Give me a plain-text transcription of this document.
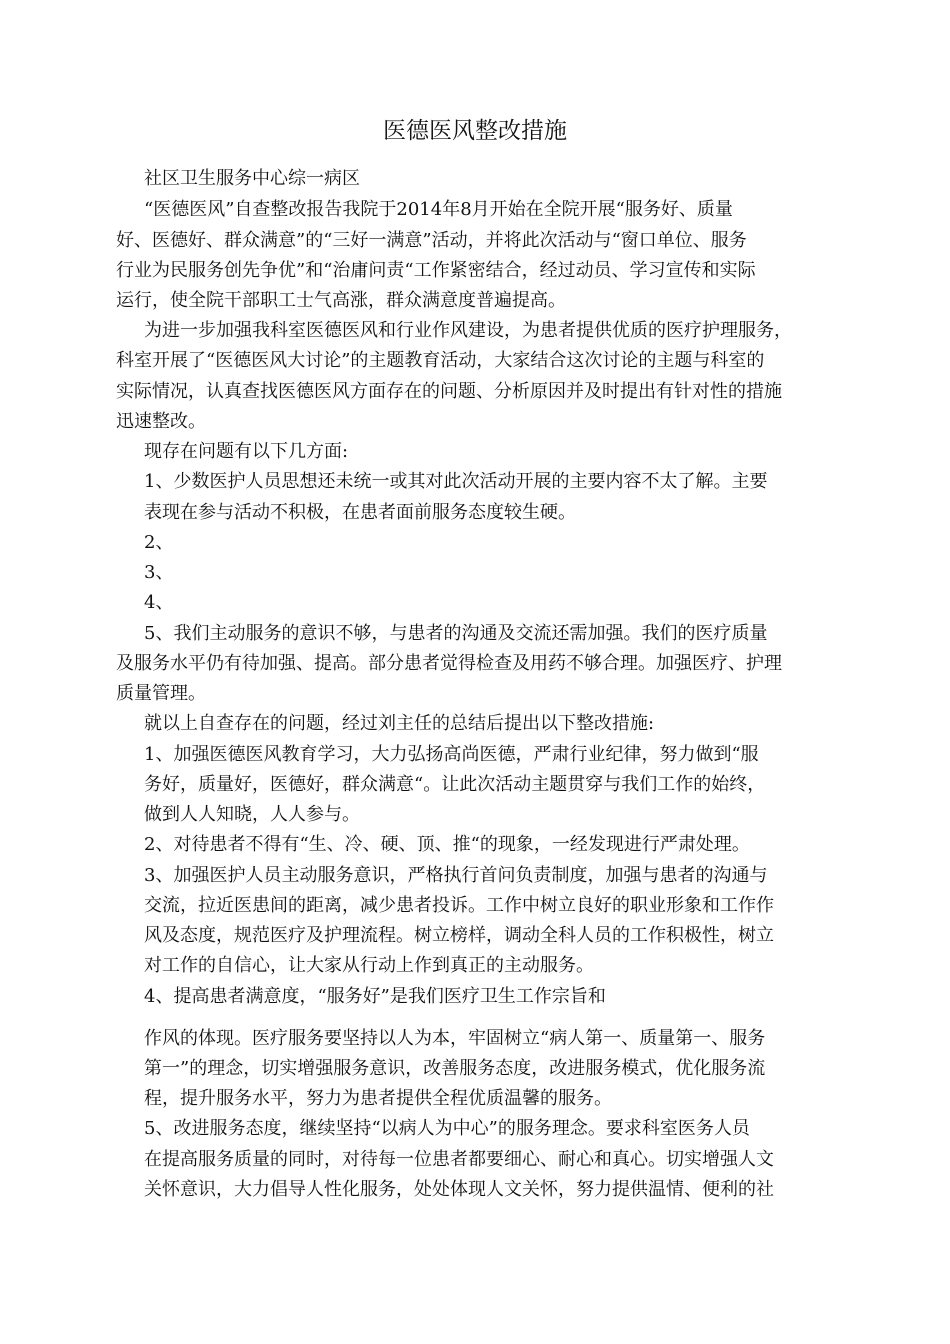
医德医风整改措施
社区卫生服务中心综一病区
“医德医风”自查整改报告我院于2014年8月开始在全院开展“服务好、质量
好、医德好、群众满意”的“三好一满意”活动，并将此次活动与“窗口单位、服务
行业为民服务创先争优”和“治庸问责“工作紧密结合，经过动员、学习宣传和实际
运行，使全院干部职工士气高涨，群众满意度普遍提高。
为进一步加强我科室医德医风和行业作风建设，为患者提供优质的医疗护理服务，
科室开展了“医德医风大讨论”的主题教育活动，大家结合这次讨论的主题与科室的
实际情况，认真查找医德医风方面存在的问题、分析原因并及时提出有针对性的措施
迅速整改。
现存在问题有以下几方面:
1、少数医护人员思想还未统一或其对此次活动开展的主要内容不太了解。主要
表现在参与活动不积极，在患者面前服务态度较生硬。
2、
3、
4、
5、我们主动服务的意识不够，与患者的沟通及交流还需加强。我们的医疗质量
及服务水平仍有待加强、提高。部分患者觉得检查及用药不够合理。加强医疗、护理
质量管理。
就以上自查存在的问题，经过刘主任的总结后提出以下整改措施:
1、加强医德医风教育学习，大力弘扬高尚医德，严肃行业纪律，努力做到“服
务好，质量好，医德好，群众满意“。让此次活动主题贯穿与我们工作的始终，
做到人人知晓，人人参与。
2、对待患者不得有“生、冷、硬、顶、推“的现象，一经发现进行严肃处理。
3、加强医护人员主动服务意识，严格执行首问负责制度，加强与患者的沟通与
交流，拉近医患间的距离，减少患者投诉。工作中树立良好的职业形象和工作作
风及态度，规范医疗及护理流程。树立榜样，调动全科人员的工作积极性，树立
对工作的自信心，让大家从行动上作到真正的主动服务。
4、提高患者满意度，“服务好”是我们医疗卫生工作宗旨和
作风的体现。医疗服务要坚持以人为本，牢固树立“病人第一、质量第一、服务
第一”的理念，切实增强服务意识，改善服务态度，改进服务模式，优化服务流
程，提升服务水平，努力为患者提供全程优质温馨的服务。
5、改进服务态度，继续坚持“以病人为中心”的服务理念。要求科室医务人员
在提高服务质量的同时，对待每一位患者都要细心、耐心和真心。切实增强人文
关怀意识，大力倡导人性化服务，处处体现人文关怀，努力提供温情、便利的社
